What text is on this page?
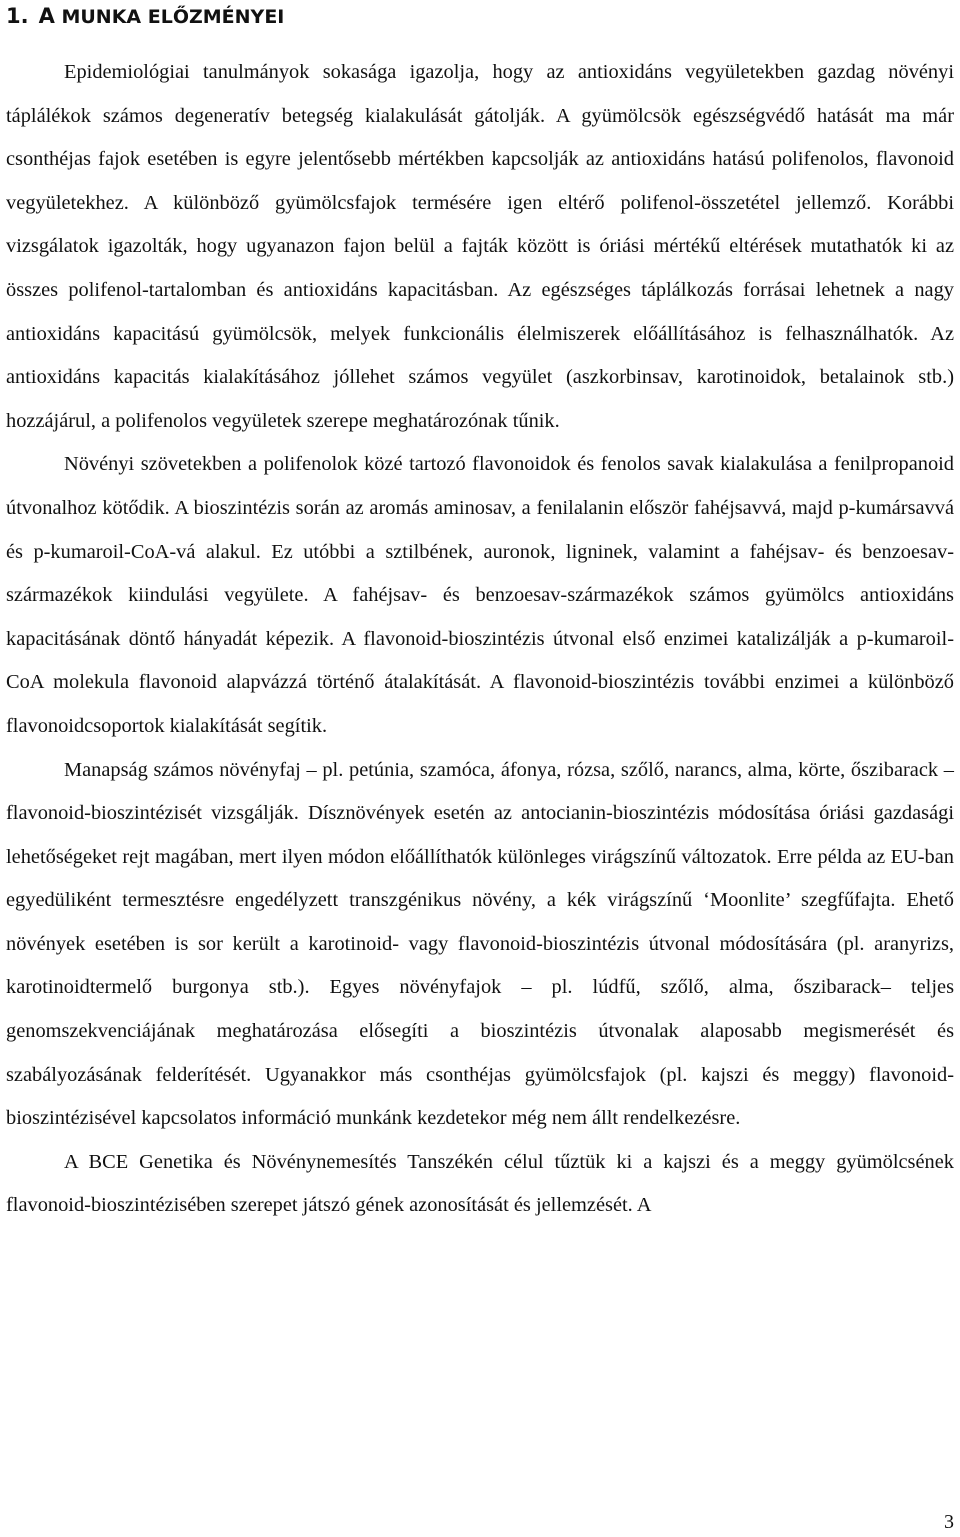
1. A MUNKA ELŐZMÉNYEI

Epidemiológiai tanulmányok sokasága igazolja, hogy az antioxidáns vegyületekben gazdag növényi táplálékok számos degeneratív betegség kialakulását gátolják. A gyümölcsök egészségvédő hatását ma már csonthéjas fajok esetében is egyre jelentősebb mértékben kapcsolják az antioxidáns hatású polifenolos, flavonoid vegyületekhez. A különböző gyümölcsfajok termésére igen eltérő polifenol-összetétel jellemző. Korábbi vizsgálatok igazolták, hogy ugyanazon fajon belül a fajták között is óriási mértékű eltérések mutathatók ki az összes polifenol-tartalomban és antioxidáns kapacitásban. Az egészséges táplálkozás forrásai lehetnek a nagy antioxidáns kapacitású gyümölcsök, melyek funkcionális élelmiszerek előállításához is felhasználhatók. Az antioxidáns kapacitás kialakításához jóllehet számos vegyület (aszkorbinsav, karotinoidok, betalainok stb.) hozzájárul, a polifenolos vegyületek szerepe meghatározónak tűnik.

Növényi szövetekben a polifenolok közé tartozó flavonoidok és fenolos savak kialakulása a fenilpropanoid útvonalhoz kötődik. A bioszintézis során az aromás aminosav, a fenilalanin először fahéjsavvá, majd p-kumársavvá és p-kumaroil-CoA-vá alakul. Ez utóbbi a sztilbének, auronok, ligninek, valamint a fahéjsav- és benzoesav-származékok kiindulási vegyülete. A fahéjsav- és benzoesav-származékok számos gyümölcs antioxidáns kapacitásának döntő hányadát képezik. A flavonoid-bioszintézis útvonal első enzimei katalizálják a p-kumaroil-CoA molekula flavonoid alapvázzá történő átalakítását. A flavonoid-bioszintézis további enzimei a különböző flavonoidcsoportok kialakítását segítik.

Manapság számos növényfaj – pl. petúnia, szamóca, áfonya, rózsa, szőlő, narancs, alma, körte, őszibarack – flavonoid-bioszintézisét vizsgálják. Dísznövények esetén az antocianin-bioszintézis módosítása óriási gazdasági lehetőségeket rejt magában, mert ilyen módon előállíthatók különleges virágszínű változatok. Erre példa az EU-ban egyedüliként termesztésre engedélyzett transzgénikus növény, a kék virágszínű ‘Moonlite’ szegfűfajta. Ehető növények esetében is sor került a karotinoid- vagy flavonoid-bioszintézis útvonal módosítására (pl. aranyrizs, karotinoidtermelő burgonya stb.). Egyes növényfajok – pl. lúdfű, szőlő, alma, őszibarack– teljes genomszekvenciájának meghatározása elősegíti a bioszintézis útvonalak alaposabb megismerését és szabályozásának felderítését. Ugyanakkor más csonthéjas gyümölcsfajok (pl. kajszi és meggy) flavonoid-bioszintézisével kapcsolatos információ munkánk kezdetekor még nem állt rendelkezésre.

A BCE Genetika és Növénynemesítés Tanszékén célul tűztük ki a kajszi és a meggy gyümölcsének flavonoid-bioszintézisében szerepet játszó gének azonosítását és jellemzését. A

3
